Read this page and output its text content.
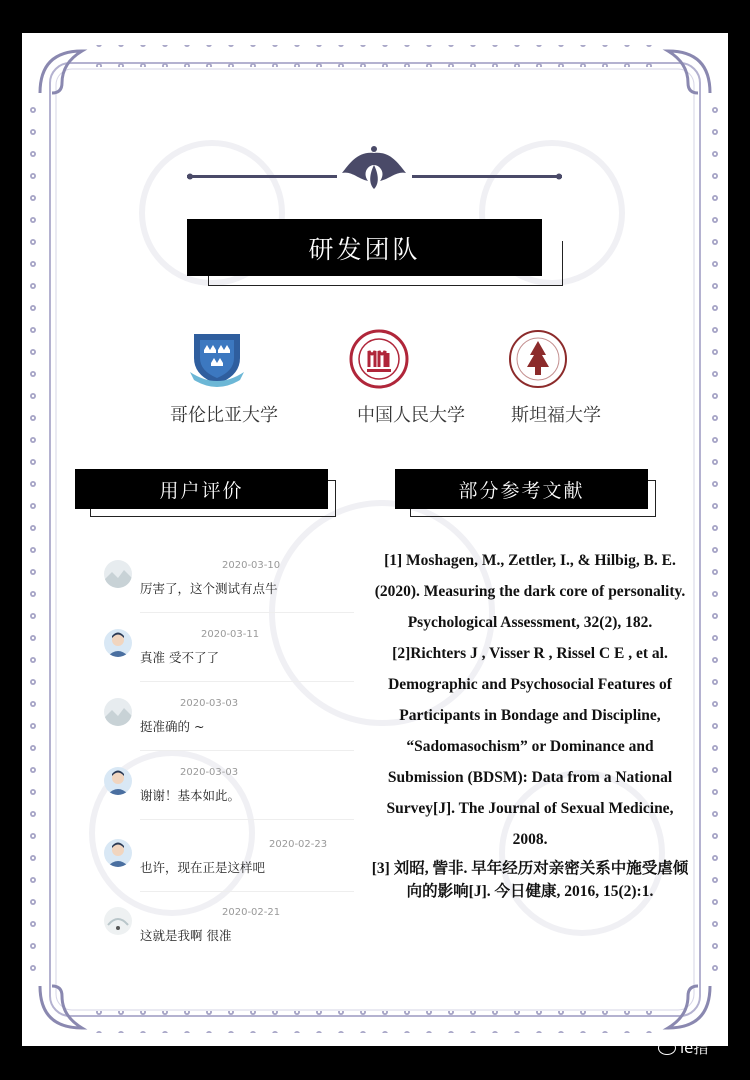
研发团队
哥伦比亚大学	中国人民大学	斯坦福大学
用户评价	部分参考文献
2020-03-10
厉害了，这个测试有点牛
2020-03-11
真准 受不了了
2020-03-03
挺准确的 ~
2020-03-03
谢谢！基本如此。
2020-02-23
也许，现在正是这样吧
2020-02-21
这就是我啊 很准

[1] Moshagen, M., Zettler, I., & Hilbig, B. E. (2020). Measuring the dark core of personality. Psychological Assessment, 32(2), 182.

[2]Richters J , Visser R , Rissel C E , et al. Demographic and Psychosocial Features of Participants in Bondage and Discipline, “Sadomasochism” or Dominance and Submission (BDSM): Data from a National Survey[J]. The Journal of Sexual Medicine, 2008.

[3] 刘昭, 訾非. 早年经历对亲密关系中施受虐倾向的影响[J]. 今日健康, 2016, 15(2):1.

le指
